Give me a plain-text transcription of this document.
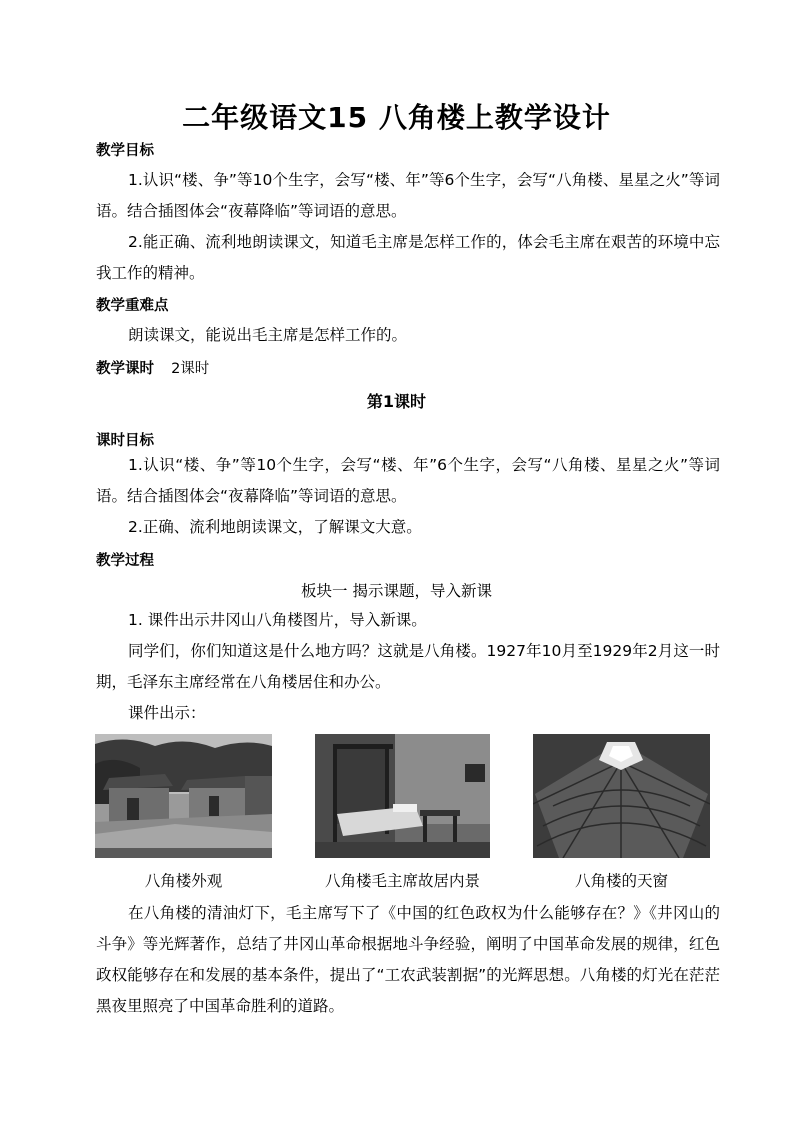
二年级语文15 八角楼上教学设计
教学目标
1.认识“楼、争”等10个生字，会写“楼、年”等6个生字，会写“八角楼、星星之火”等词语。结合插图体会“夜幕降临”等词语的意思。
2.能正确、流利地朗读课文，知道毛主席是怎样工作的，体会毛主席在艰苦的环境中忘我工作的精神。
教学重难点
朗读课文，能说出毛主席是怎样工作的。
教学课时 2课时
第1课时
课时目标
1.认识“楼、争”等10个生字，会写“楼、年”6个生字，会写“八角楼、星星之火”等词语。结合插图体会“夜幕降临”等词语的意思。
2.正确、流利地朗读课文，了解课文大意。
教学过程
板块一 揭示课题，导入新课
1. 课件出示井冈山八角楼图片，导入新课。
同学们，你们知道这是什么地方吗？这就是八角楼。1927年10月至1929年2月这一时期，毛泽东主席经常在八角楼居住和办公。
课件出示：
八角楼外观	八角楼毛主席故居内景	八角楼的天窗
在八角楼的清油灯下，毛主席写下了《中国的红色政权为什么能够存在？》《井冈山的斗争》等光辉著作，总结了井冈山革命根据地斗争经验，阐明了中国革命发展的规律，红色政权能够存在和发展的基本条件，提出了“工农武装割据”的光辉思想。八角楼的灯光在茫茫黑夜里照亮了中国革命胜利的道路。
